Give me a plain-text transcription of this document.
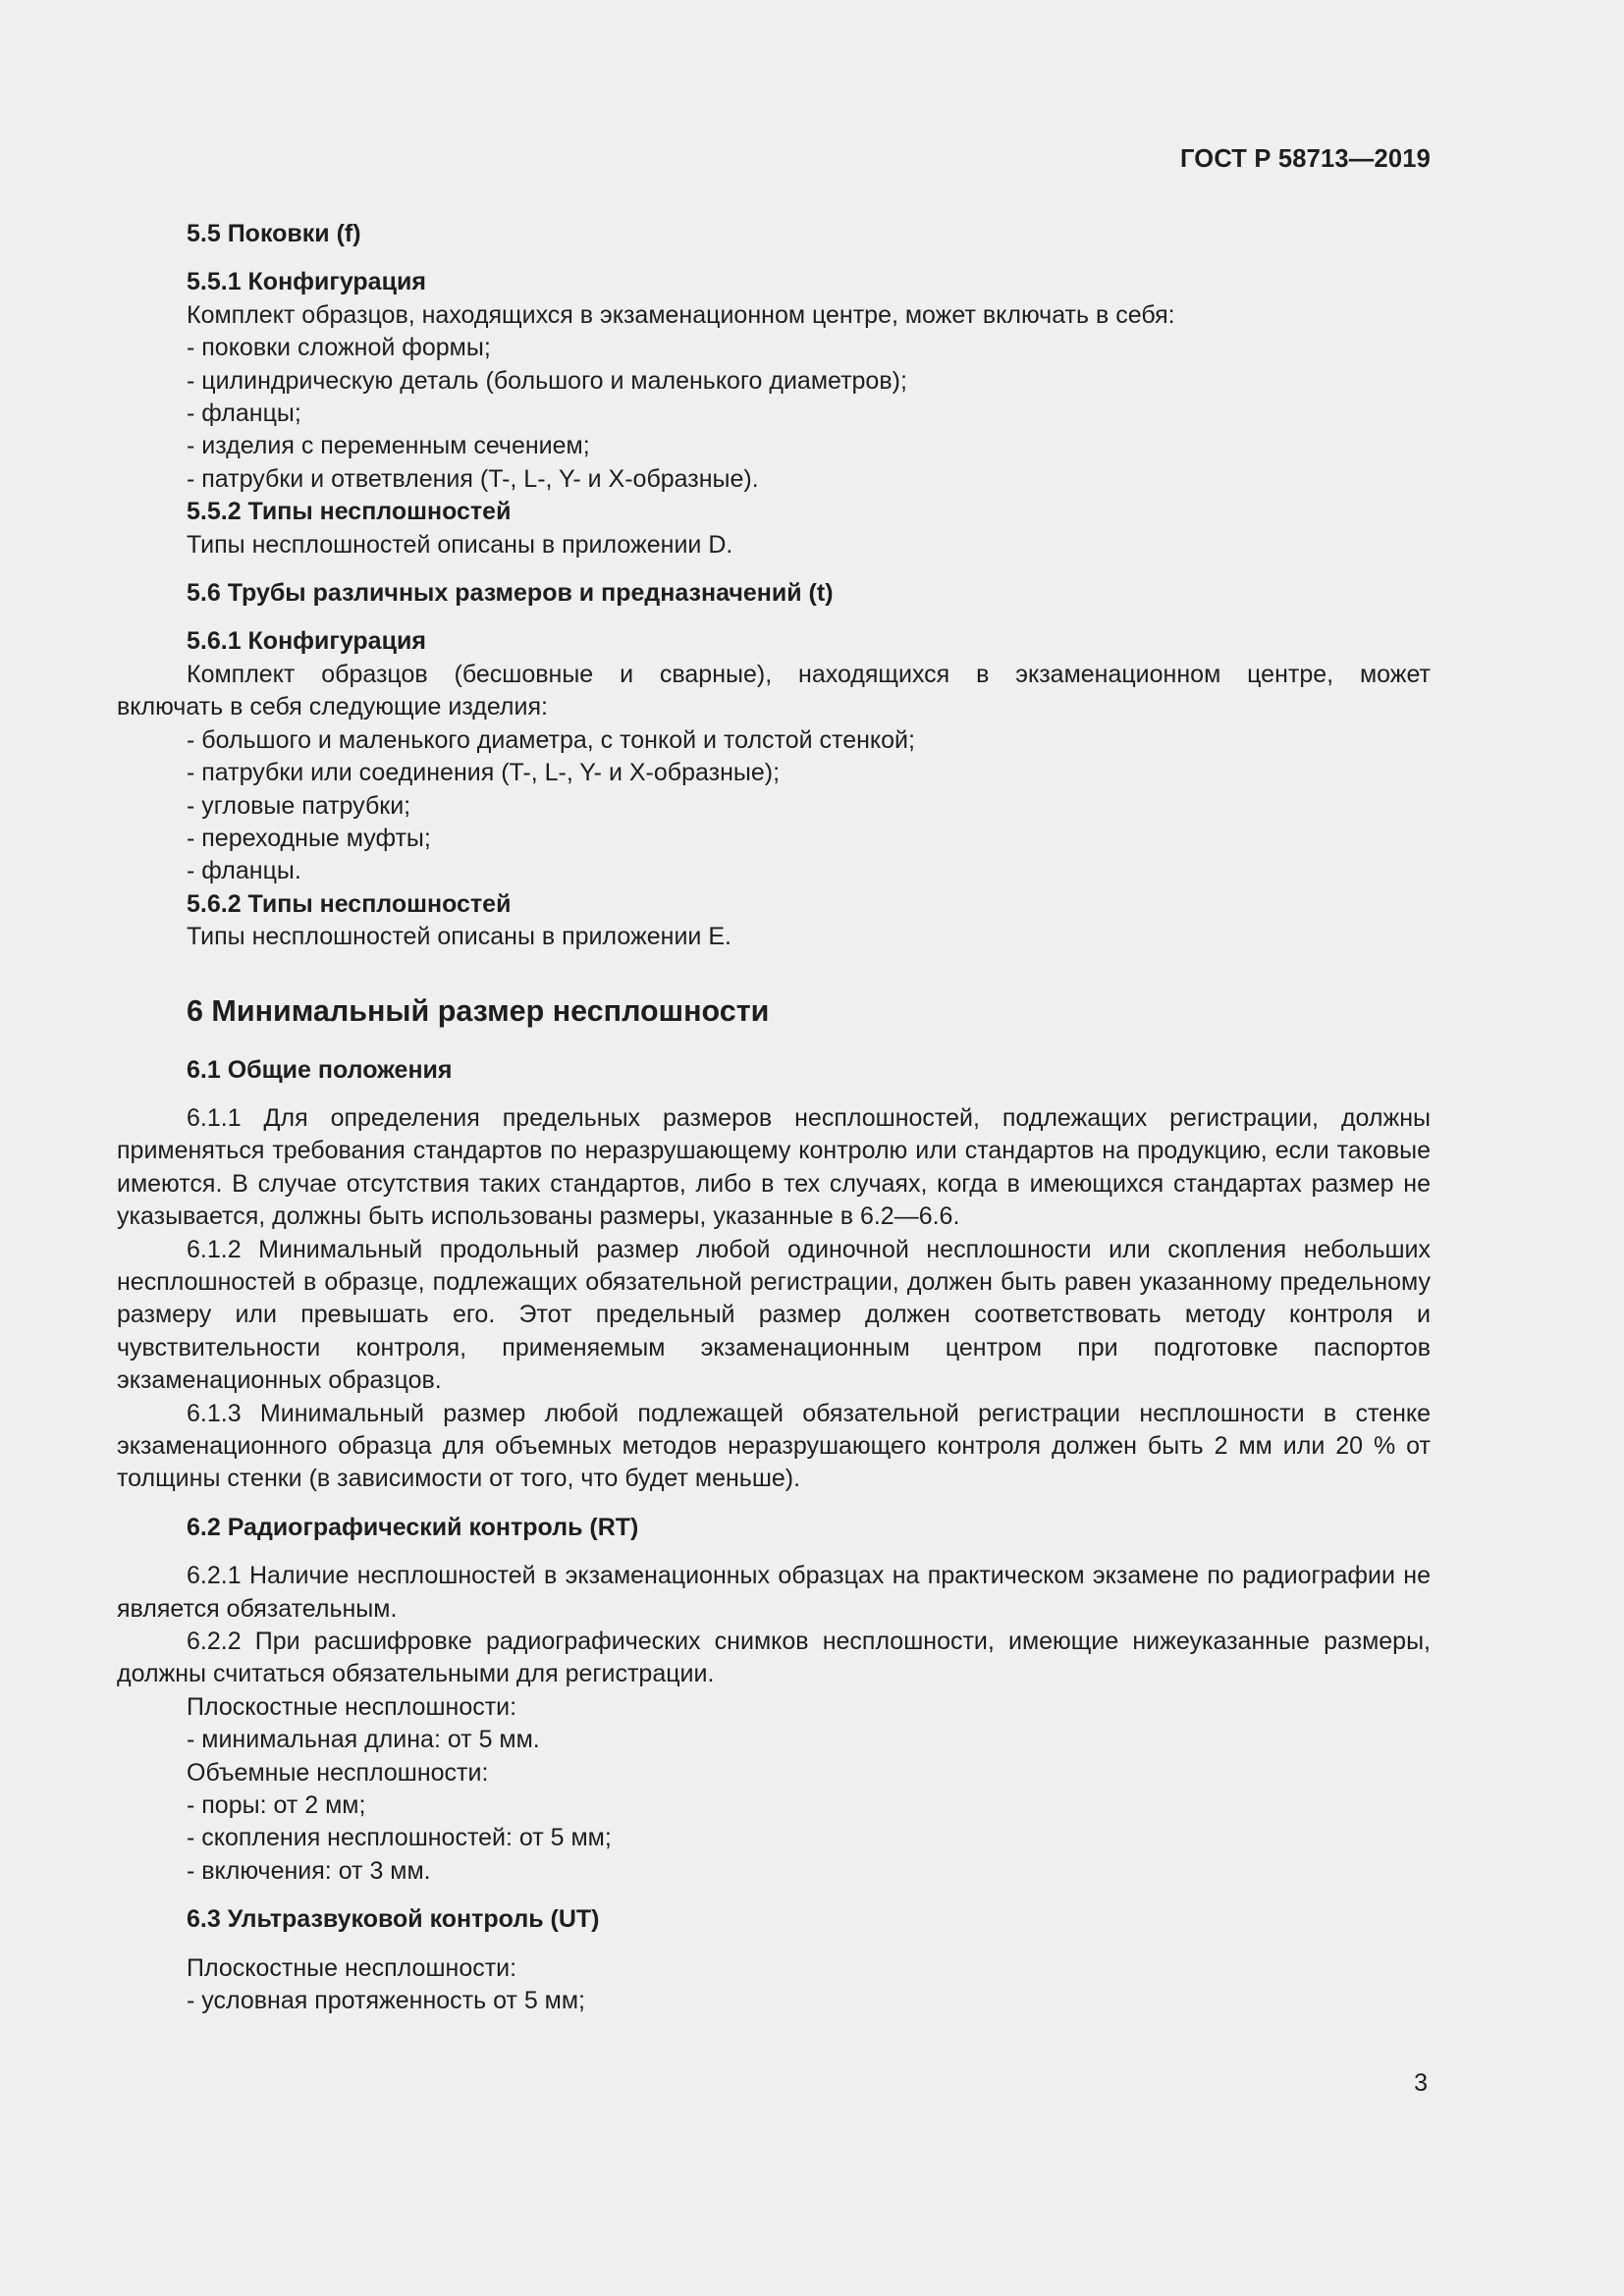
ГОСТ Р 58713—2019
5.5 Поковки (f)
5.5.1 Конфигурация
Комплект образцов, находящихся в экзаменационном центре, может включать в себя:
- поковки сложной формы;
- цилиндрическую деталь (большого и маленького диаметров);
- фланцы;
- изделия с переменным сечением;
- патрубки и ответвления (T-, L-, Y- и X-образные).
5.5.2 Типы несплошностей
Типы несплошностей описаны в приложении D.
5.6 Трубы различных размеров и предназначений (t)
5.6.1 Конфигурация
Комплект образцов (бесшовные и сварные), находящихся в экзаменационном центре, может
включать в себя следующие изделия:
- большого и маленького диаметра, с тонкой и толстой стенкой;
- патрубки или соединения (T-, L-, Y- и X-образные);
- угловые патрубки;
- переходные муфты;
- фланцы.
5.6.2 Типы несплошностей
Типы несплошностей описаны в приложении Е.
6 Минимальный размер несплошности
6.1 Общие положения
6.1.1 Для определения предельных размеров несплошностей, подлежащих регистрации, должны применяться требования стандартов по неразрушающему контролю или стандартов на продукцию, если таковые имеются. В случае отсутствия таких стандартов, либо в тех случаях, когда в имеющихся стандартах размер не указывается, должны быть использованы размеры, указанные в 6.2—6.6.
6.1.2 Минимальный продольный размер любой одиночной несплошности или скопления небольших несплошностей в образце, подлежащих обязательной регистрации, должен быть равен указанному предельному размеру или превышать его. Этот предельный размер должен соответствовать методу контроля и чувствительности контроля, применяемым экзаменационным центром при подготовке паспортов экзаменационных образцов.
6.1.3 Минимальный размер любой подлежащей обязательной регистрации несплошности в стенке экзаменационного образца для объемных методов неразрушающего контроля должен быть 2 мм или 20 % от толщины стенки (в зависимости от того, что будет меньше).
6.2 Радиографический контроль (RT)
6.2.1 Наличие несплошностей в экзаменационных образцах на практическом экзамене по радиографии не является обязательным.
6.2.2 При расшифровке радиографических снимков несплошности, имеющие нижеуказанные размеры, должны считаться обязательными для регистрации.
Плоскостные несплошности:
- минимальная длина: от 5 мм.
Объемные несплошности:
- поры: от 2 мм;
- скопления несплошностей: от 5 мм;
- включения: от 3 мм.
6.3 Ультразвуковой контроль (UT)
Плоскостные несплошности:
- условная протяженность от 5 мм;
3
